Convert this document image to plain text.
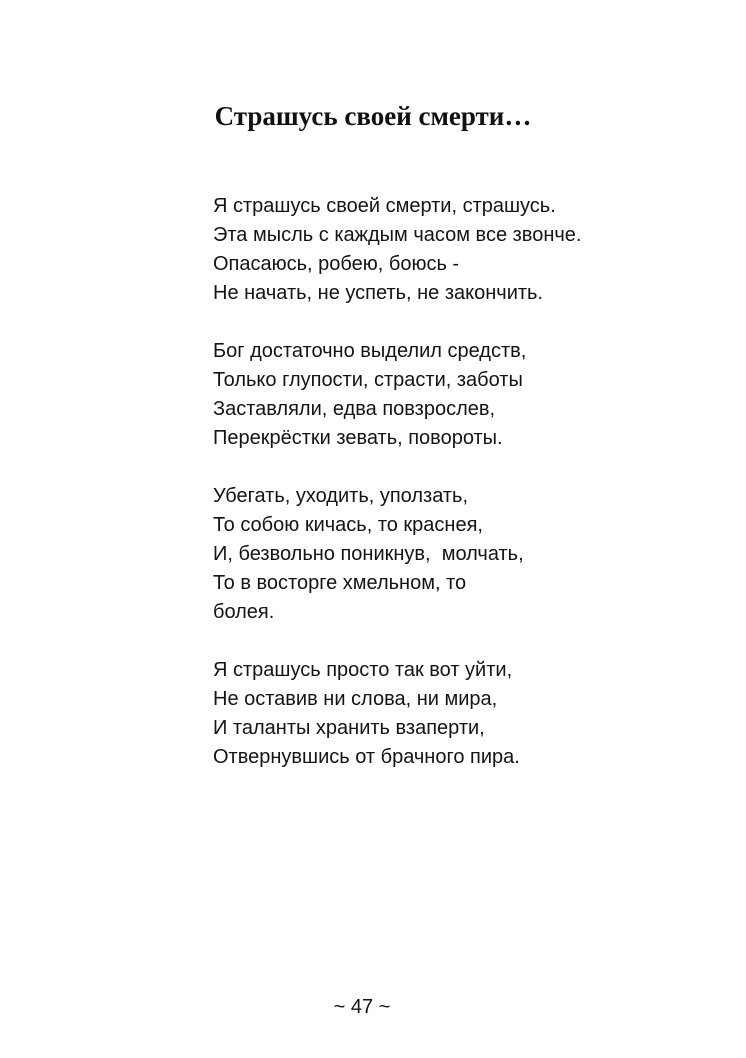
Страшусь своей смерти…

Я страшусь своей смерти, страшусь.

Эта мысль с каждым часом все звонче.

Опасаюсь, робею, боюсь -

Не начать, не успеть, не закончить.

Бог достаточно выделил средств,

Только глупости, страсти, заботы

Заставляли, едва повзрослев,

Перекрёстки зевать, повороты.

Убегать, уходить, уползать,

То собою кичась, то краснея,

И, безвольно поникнув,  молчать,

То в восторге хмельном, то

болея.

Я страшусь просто так вот уйти,

Не оставив ни слова, ни мира,

И таланты хранить взаперти,

Отвернувшись от брачного пира.

~ 47 ~
